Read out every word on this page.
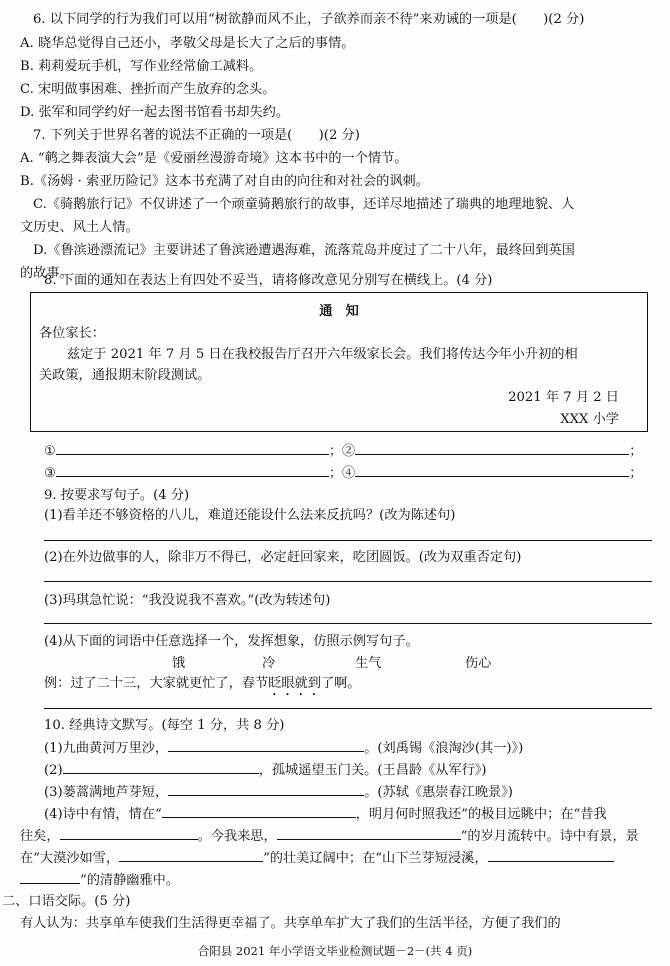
6. 以下同学的行为我们可以用“树欲静而风不止，子欲养而亲不待”来劝诫的一项是(　　)(2 分)
A. 晓华总觉得自己还小，孝敬父母是长大了之后的事情。
B. 莉莉爱玩手机，写作业经常偷工减料。
C. 宋明做事困难、挫折而产生放弃的念头。
D. 张军和同学约好一起去图书馆看书却失约。
7. 下列关于世界名著的说法不正确的一项是(　　)(2 分)
A. “鹌之舞表演大会”是《爱丽丝漫游奇境》这本书中的一个情节。
B.《汤姆 · 索亚历险记》这本书充满了对自由的向往和对社会的讽刺。
C.《骑鹅旅行记》不仅讲述了一个顽童骑鹅旅行的故事，还详尽地描述了瑞典的地理地貌、人
文历史、风土人情。
D.《鲁滨逊漂流记》主要讲述了鲁滨逊遭遇海难，流落荒岛并度过了二十八年，最终回到英国
的故事。
8. 下面的通知在表达上有四处不妥当，请将修改意见分别写在横线上。(4 分)
通　知
各位家长：
兹定于 2021 年 7 月 5 日在我校报告厅召开六年级家长会。我们将传达今年小升初的相
关政策，通报期末阶段测试。
2021 年 7 月 2 日
XXX 小学
①	；②	；
③	；④	；
9. 按要求写句子。(4 分)
(1)看羊还不够资格的八儿，难道还能设什么法来反抗吗？(改为陈述句)
(2)在外边做事的人，除非万不得已，必定赶回家来，吃团圆饭。(改为双重否定句)
(3)玛琪急忙说：“我没说我不喜欢。”(改为转述句)
(4)从下面的词语中任意选择一个，发挥想象，仿照示例写句子。
饿	冷	生气	伤心
例：过了二十三，大家就更忙了，春节眨眼就到了啊。
10. 经典诗文默写。(每空 1 分，共 8 分)
(1)九曲黄河万里沙，	。(刘禹锡《浪淘沙(其一)》)
(2)	，孤城遥望玉门关。(王昌龄《从军行》)
(3)蒌蒿满地芦芽短，	。(苏轼《惠崇春江晚景》)
(4)诗中有情，情在“	，明月何时照我还”的极目远眺中；在“昔我
往矣，	。今我来思，	”的岁月流转中。诗中有景，景
在“大漠沙如雪，	”的壮美辽阔中；在“山下兰芽短浸溪，
”的清静幽雅中。
二、口语交际。(5 分)
有人认为：共享单车使我们生活得更幸福了。共享单车扩大了我们的生活半径，方便了我们的
合阳县 2021 年小学语文毕业检测试题－2－(共 4 页)
